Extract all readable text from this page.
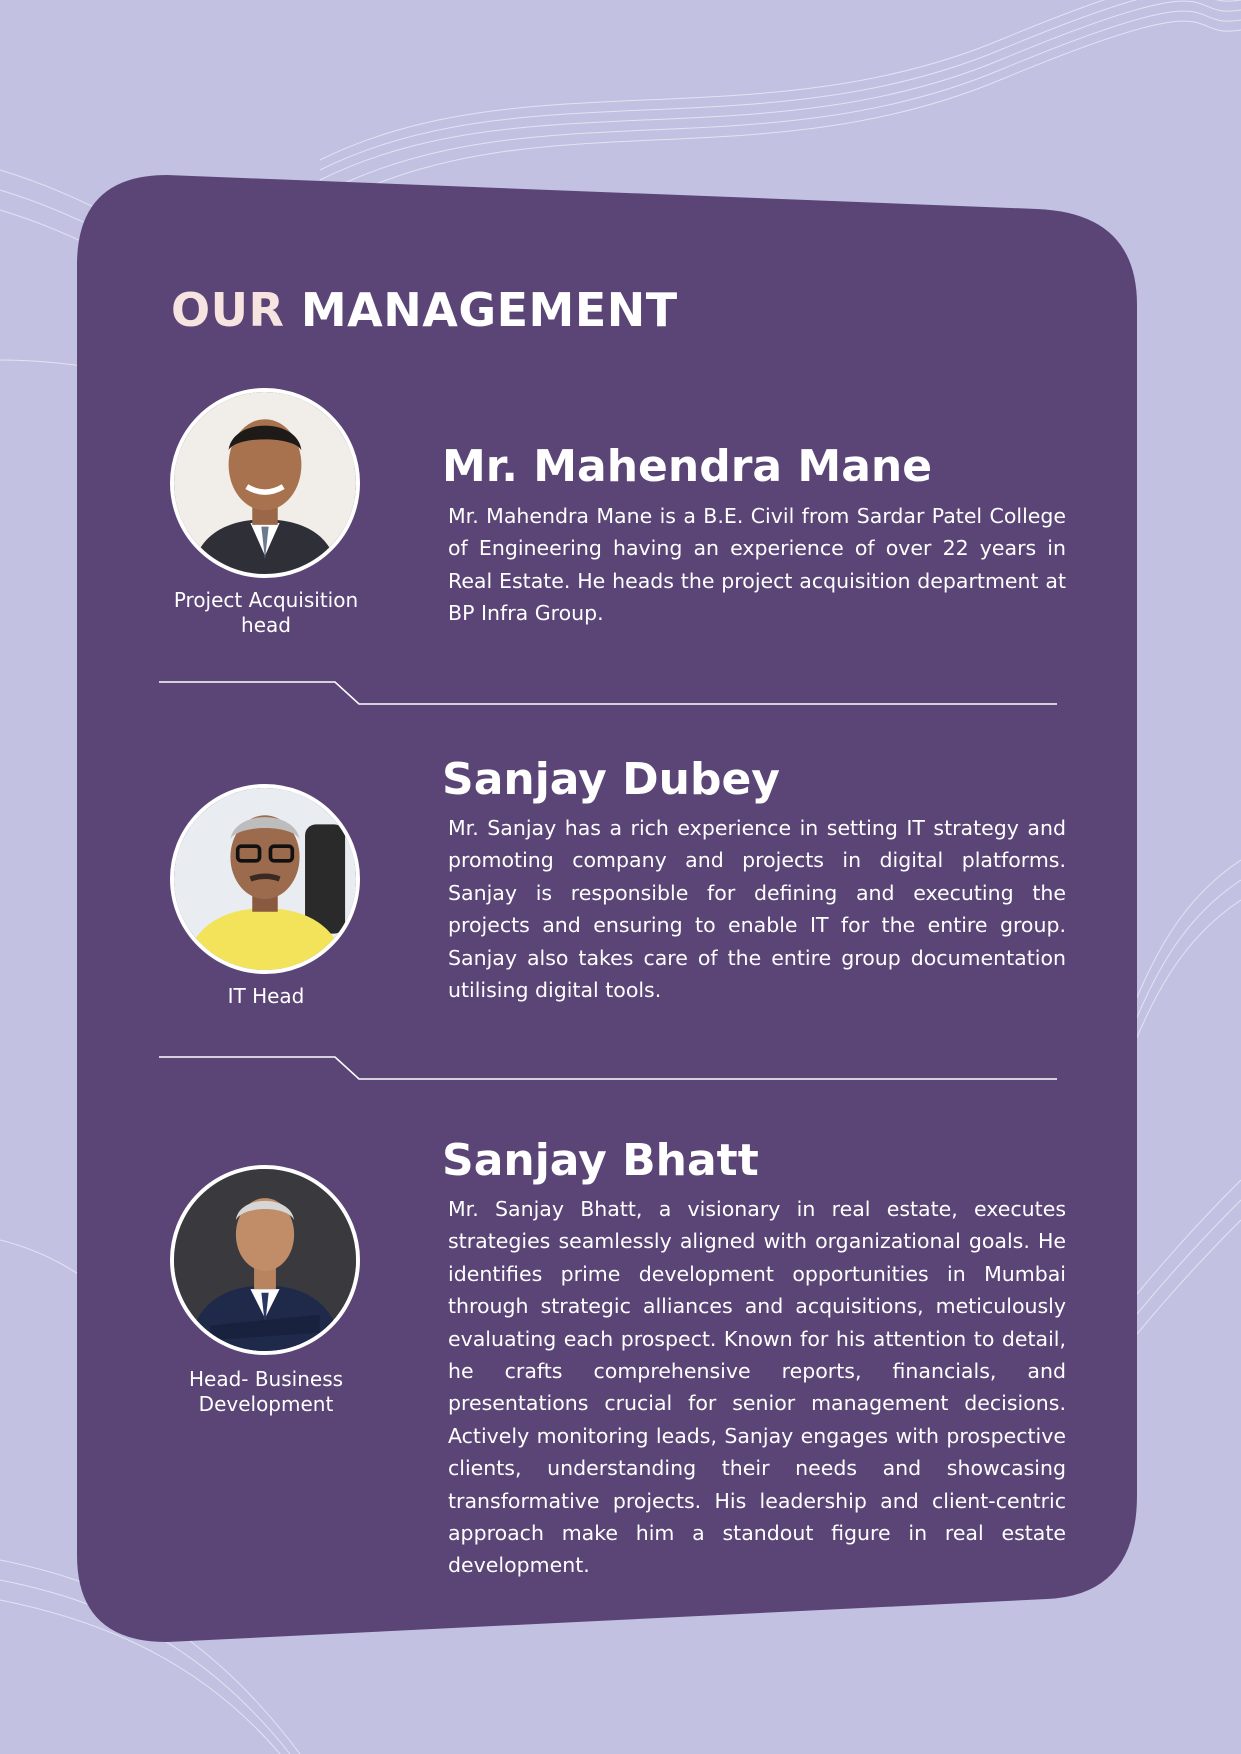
OUR MANAGEMENT

Project Acquisition head

Mr. Mahendra Mane

Mr. Mahendra Mane is a B.E. Civil from Sardar Patel College of Engineering having an experience of over 22 years in Real Estate. He heads the project acquisition department at BP Infra Group.

IT Head

Sanjay Dubey

Mr. Sanjay has a rich experience in setting IT strategy and promoting company and projects in digital platforms. Sanjay is responsible for defining and executing the projects and ensuring to enable IT for the entire group. Sanjay also takes care of the entire group documentation utilising digital tools.

Head- Business Development

Sanjay Bhatt

Mr. Sanjay Bhatt, a visionary in real estate, executes strategies seamlessly aligned with organizational goals. He identifies prime development opportunities in Mumbai through strategic alliances and acquisitions, meticulously evaluating each prospect. Known for his attention to detail, he crafts comprehensive reports, financials, and presentations crucial for senior management decisions. Actively monitoring leads, Sanjay engages with prospective clients, understanding their needs and showcasing transformative projects. His leadership and client-centric approach make him a standout figure in real estate development.
